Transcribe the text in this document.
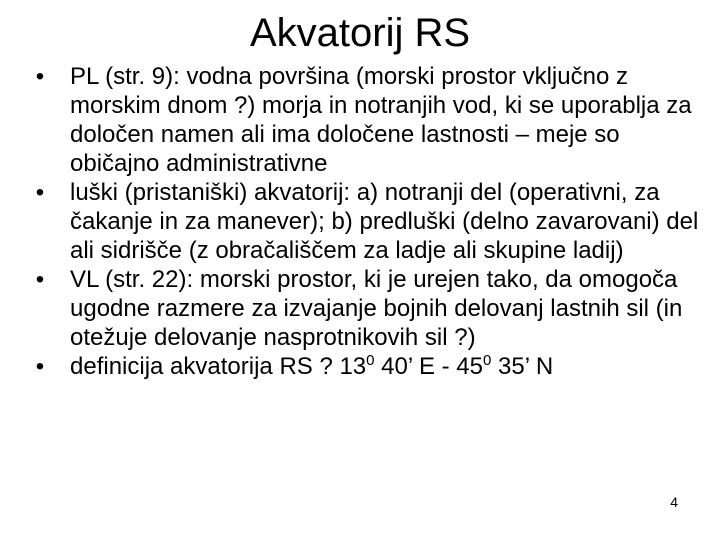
Akvatorij RS
• PL (str. 9): vodna površina (morski prostor vključno z morskim dnom ?) morja in notranjih vod, ki se uporablja za določen namen ali ima določene lastnosti – meje so običajno administrativne
• luški (pristaniški) akvatorij: a) notranji del (operativni, za čakanje in za manever); b) predluški (delno zavarovani) del ali sidrišče (z obračališčem za ladje ali skupine ladij)
• VL (str. 22): morski prostor, ki je urejen tako, da omogoča ugodne razmere za izvajanje bojnih delovanj lastnih sil (in otežuje delovanje nasprotnikovih sil ?)
• definicija akvatorija RS ? $13^0$ 40’ E - $45^0$ 35’ N
4
